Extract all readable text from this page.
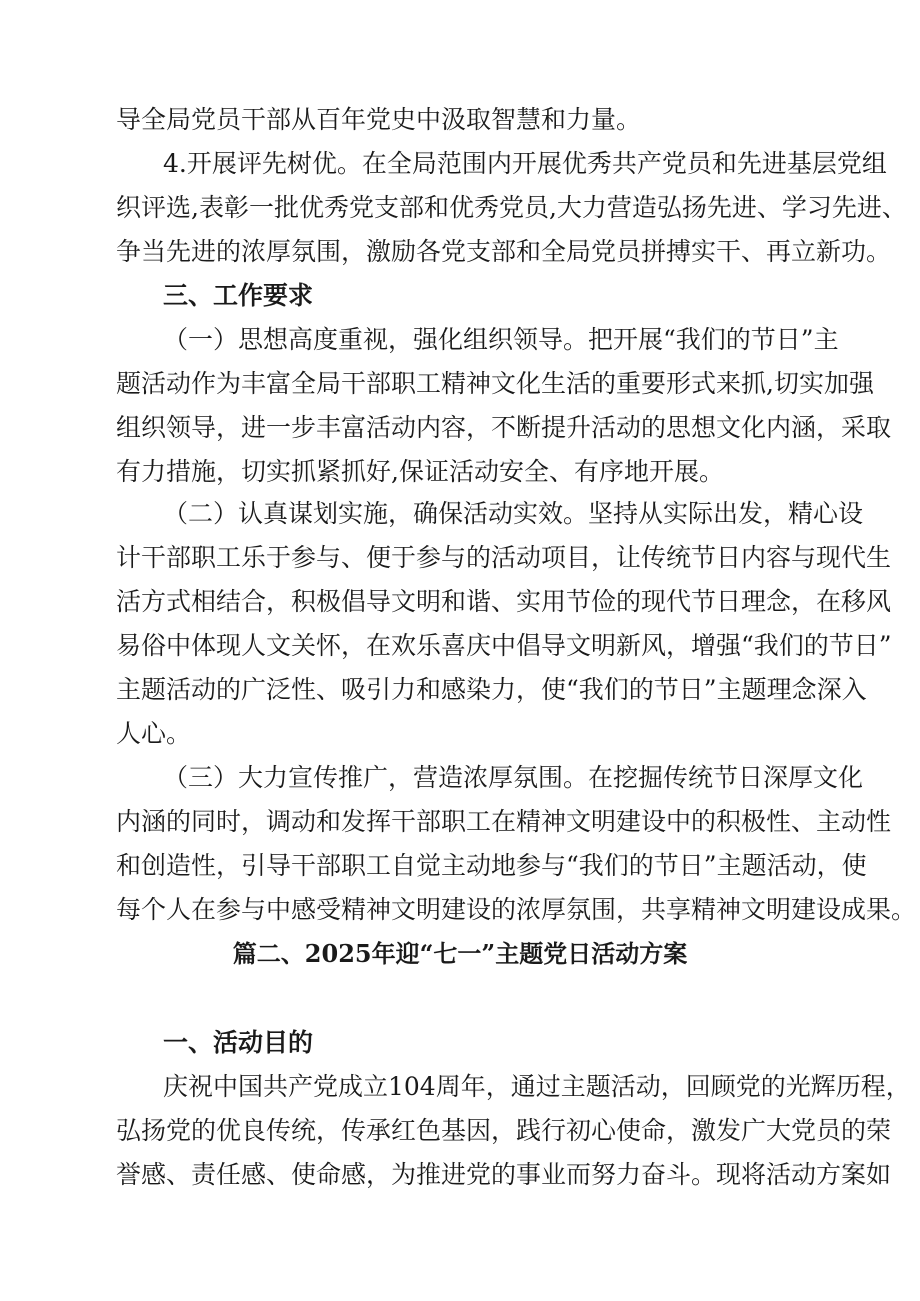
导全局党员干部从百年党史中汲取智慧和力量。
4.开展评先树优。在全局范围内开展优秀共产党员和先进基层党组
织评选,表彰一批优秀党支部和优秀党员,大力营造弘扬先进、学习先进、
争当先进的浓厚氛围，激励各党支部和全局党员拼搏实干、再立新功。
三、工作要求
（一）思想高度重视，强化组织领导。把开展“我们的节日”主
题活动作为丰富全局干部职工精神文化生活的重要形式来抓,切实加强
组织领导，进一步丰富活动内容，不断提升活动的思想文化内涵，采取
有力措施，切实抓紧抓好,保证活动安全、有序地开展。
（二）认真谋划实施，确保活动实效。坚持从实际出发，精心设
计干部职工乐于参与、便于参与的活动项目，让传统节日内容与现代生
活方式相结合，积极倡导文明和谐、实用节俭的现代节日理念，在移风
易俗中体现人文关怀，在欢乐喜庆中倡导文明新风，增强“我们的节日”
主题活动的广泛性、吸引力和感染力，使“我们的节日”主题理念深入
人心。
（三）大力宣传推广，营造浓厚氛围。在挖掘传统节日深厚文化
内涵的同时，调动和发挥干部职工在精神文明建设中的积极性、主动性
和创造性，引导干部职工自觉主动地参与“我们的节日”主题活动，使
每个人在参与中感受精神文明建设的浓厚氛围，共享精神文明建设成果。
篇二、2025年迎“七一”主题党日活动方案
一、活动目的
庆祝中国共产党成立104周年，通过主题活动，回顾党的光辉历程，
弘扬党的优良传统，传承红色基因，践行初心使命，激发广大党员的荣
誉感、责任感、使命感，为推进党的事业而努力奋斗。现将活动方案如
